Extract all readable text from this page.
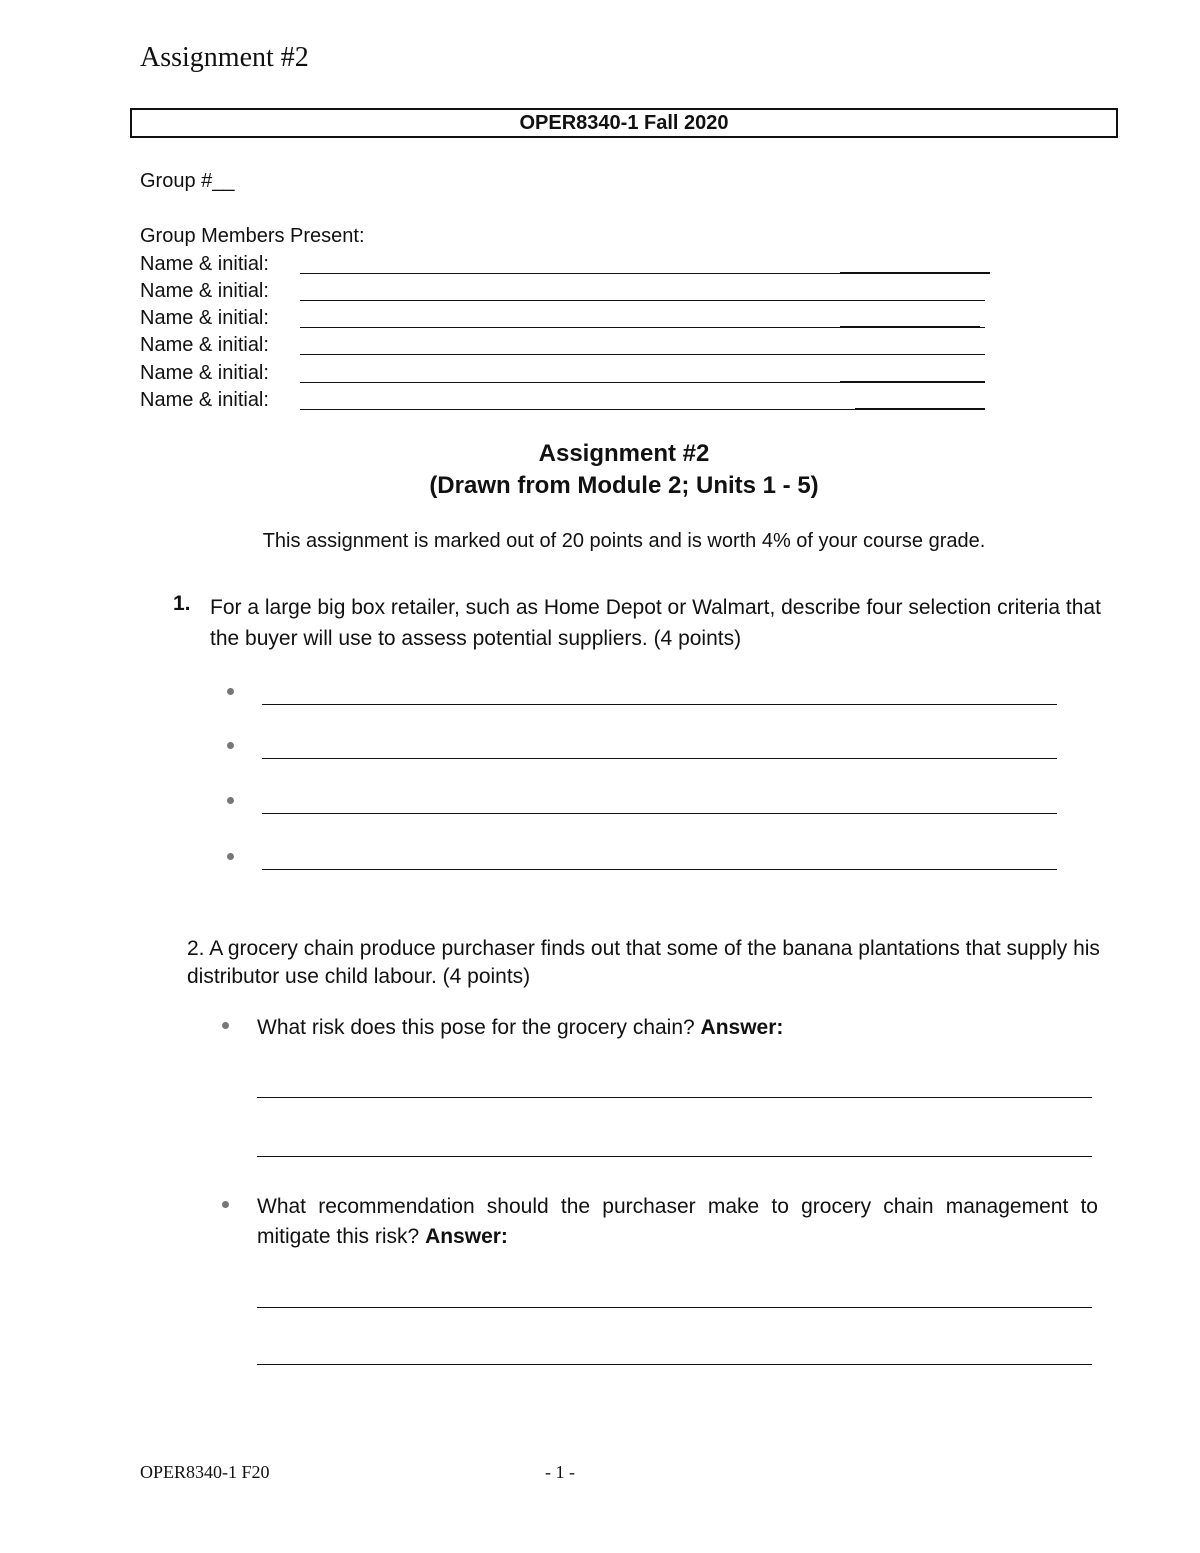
Assignment #2
OPER8340-1 Fall 2020
Group #__
Group Members Present:
Name & initial:
Name & initial:
Name & initial:
Name & initial:
Name & initial:
Name & initial:
Assignment #2
(Drawn from Module 2; Units 1 - 5)
This assignment is marked out of 20 points and is worth 4% of your course grade.
1. For a large big box retailer, such as Home Depot or Walmart, describe four selection criteria that the buyer will use to assess potential suppliers. (4 points)
2. A grocery chain produce purchaser finds out that some of the banana plantations that supply his distributor use child labour. (4 points)
What risk does this pose for the grocery chain? Answer:
What recommendation should the purchaser make to grocery chain management to mitigate this risk? Answer:
OPER8340-1 F20	- 1 -
